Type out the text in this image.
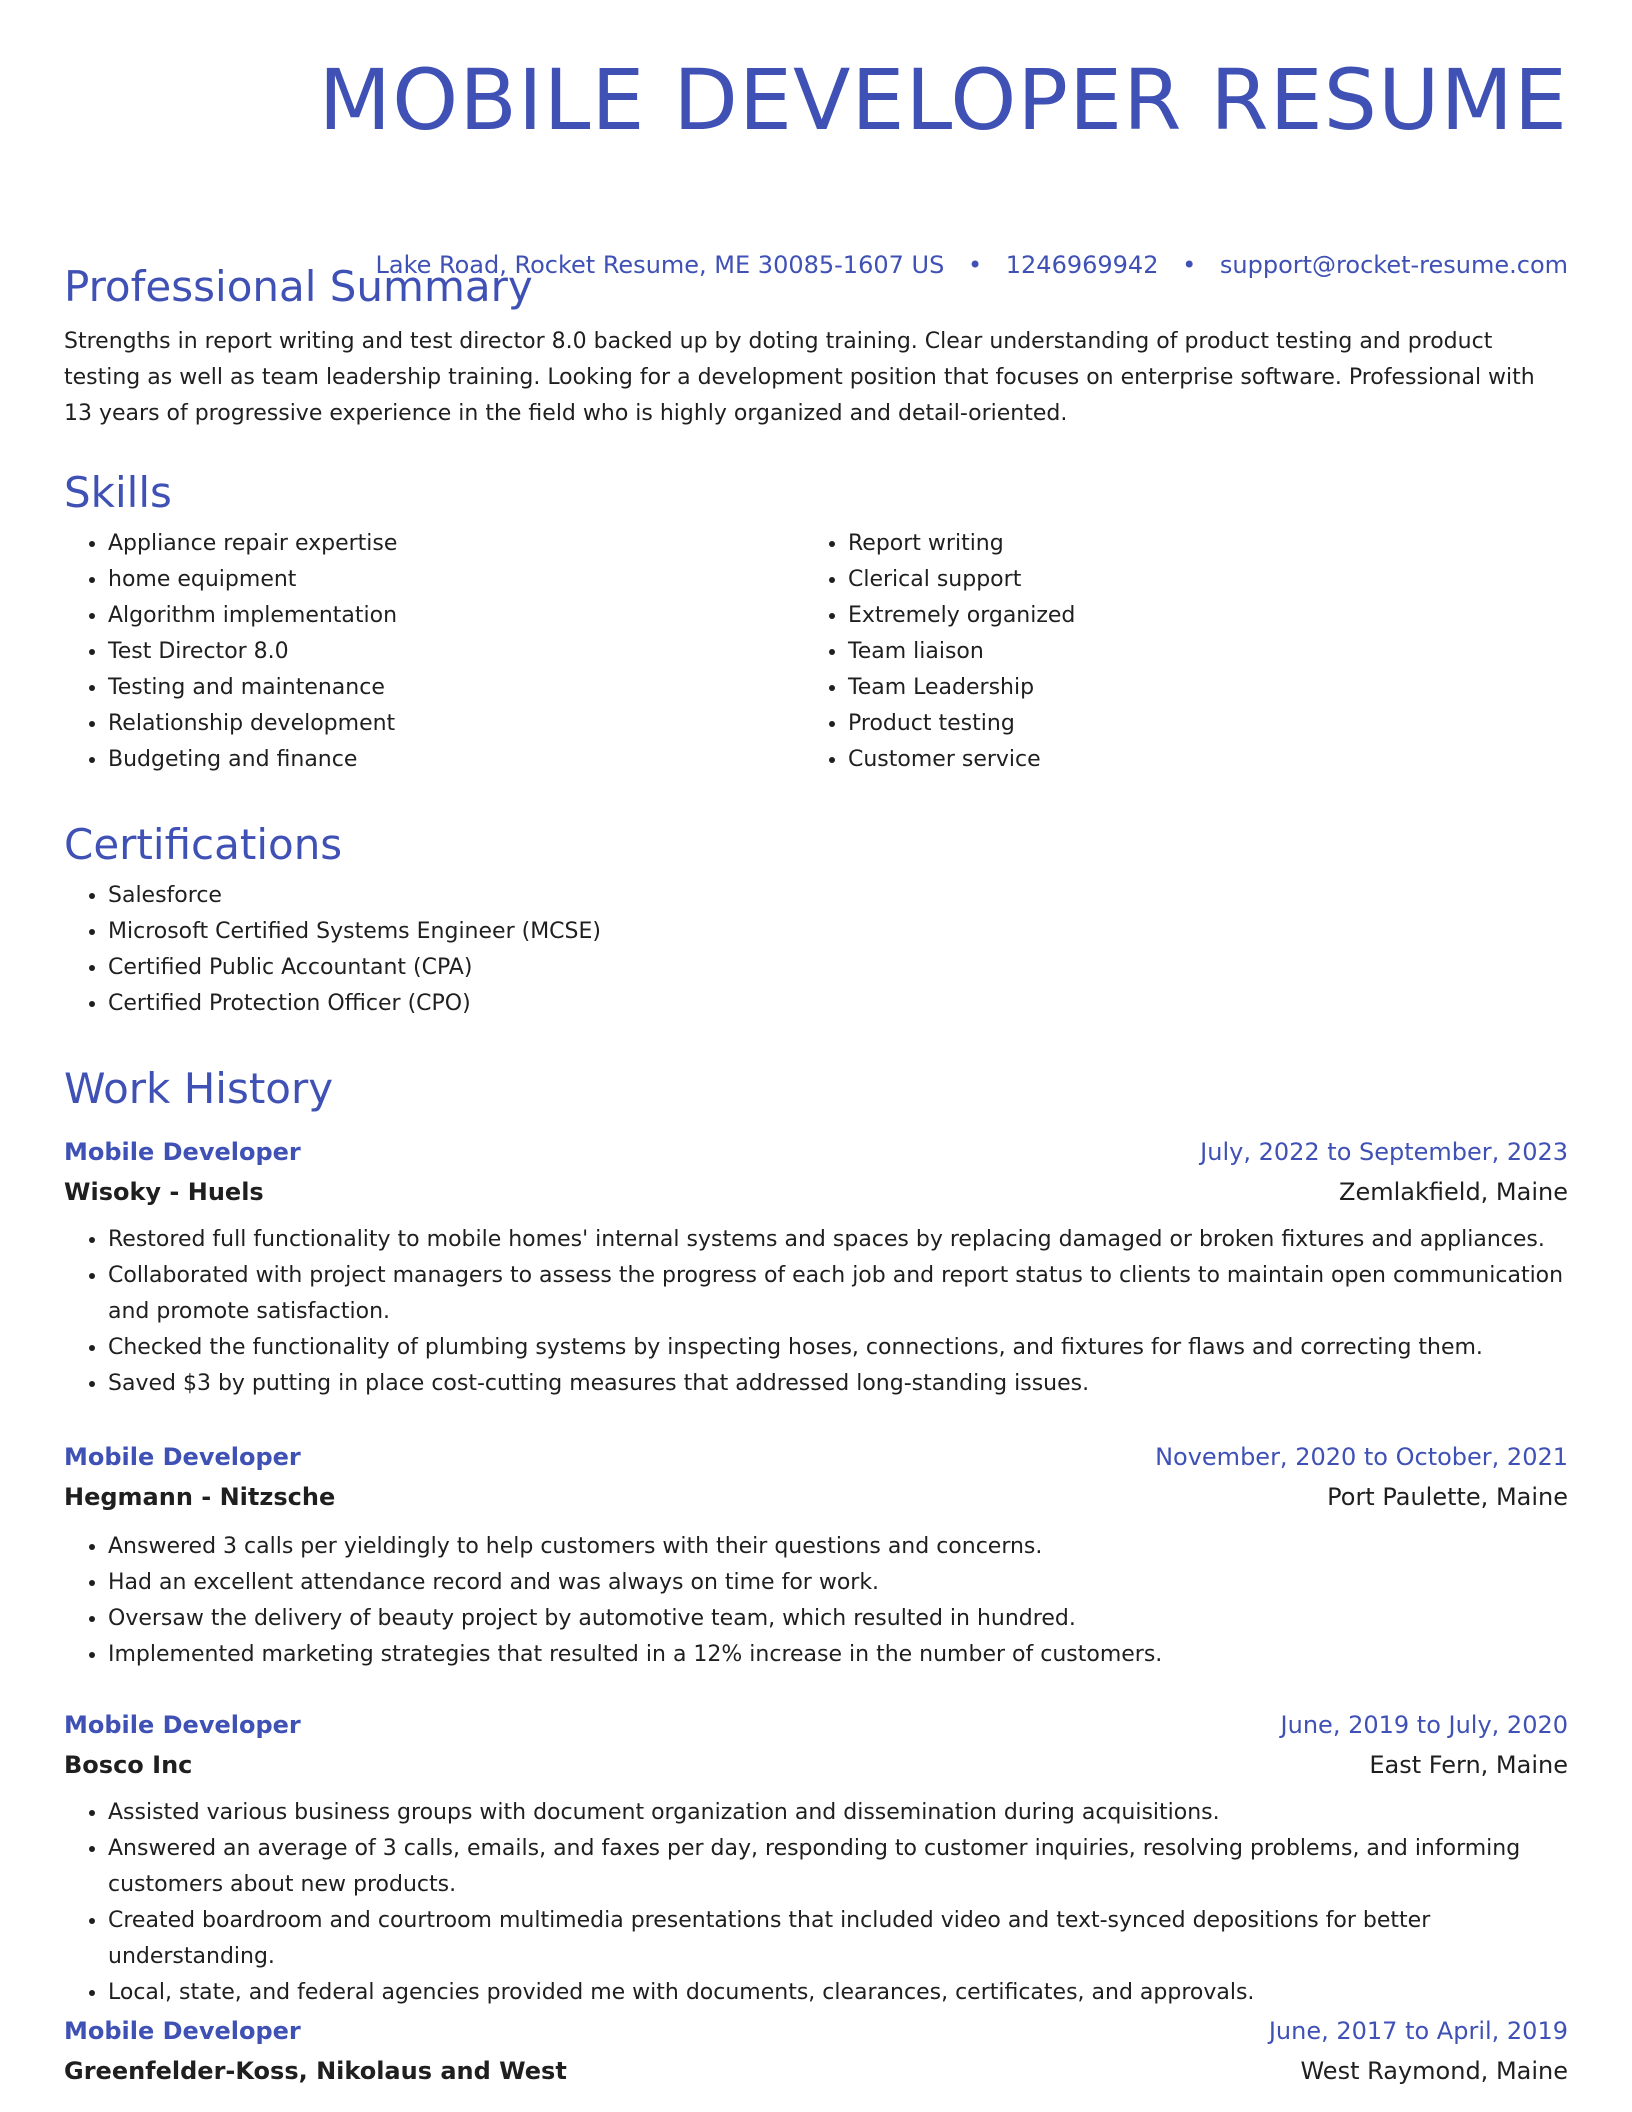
MOBILE DEVELOPER RESUME
Lake Road, Rocket Resume, ME 30085-1607 US • 1246969942 • support@rocket-resume.com
Professional Summary

Strengths in report writing and test director 8.0 backed up by doting training. Clear understanding of product testing and product testing as well as team leadership training. Looking for a development position that focuses on enterprise software. Professional with 13 years of progressive experience in the field who is highly organized and detail-oriented.

Skills
• Appliance repair expertise
• home equipment
• Algorithm implementation
• Test Director 8.0
• Testing and maintenance
• Relationship development
• Budgeting and finance
• Report writing
• Clerical support
• Extremely organized
• Team liaison
• Team Leadership
• Product testing
• Customer service
Certifications
• Salesforce
• Microsoft Certified Systems Engineer (MCSE)
• Certified Public Accountant (CPA)
• Certified Protection Officer (CPO)
Work History
Mobile Developer	July, 2022 to September, 2023
Wisoky - Huels	Zemlakfield, Maine
• Restored full functionality to mobile homes' internal systems and spaces by replacing damaged or broken fixtures and appliances.
• Collaborated with project managers to assess the progress of each job and report status to clients to maintain open communication and promote satisfaction.
• Checked the functionality of plumbing systems by inspecting hoses, connections, and fixtures for flaws and correcting them.
• Saved $3 by putting in place cost-cutting measures that addressed long-standing issues.
Mobile Developer	November, 2020 to October, 2021
Hegmann - Nitzsche	Port Paulette, Maine
• Answered 3 calls per yieldingly to help customers with their questions and concerns.
• Had an excellent attendance record and was always on time for work.
• Oversaw the delivery of beauty project by automotive team, which resulted in hundred.
• Implemented marketing strategies that resulted in a 12% increase in the number of customers.
Mobile Developer	June, 2019 to July, 2020
Bosco Inc	East Fern, Maine
• Assisted various business groups with document organization and dissemination during acquisitions.
• Answered an average of 3 calls, emails, and faxes per day, responding to customer inquiries, resolving problems, and informing customers about new products.
• Created boardroom and courtroom multimedia presentations that included video and text-synced depositions for better understanding.
• Local, state, and federal agencies provided me with documents, clearances, certificates, and approvals.
Mobile Developer	June, 2017 to April, 2019
Greenfelder-Koss, Nikolaus and West	West Raymond, Maine
